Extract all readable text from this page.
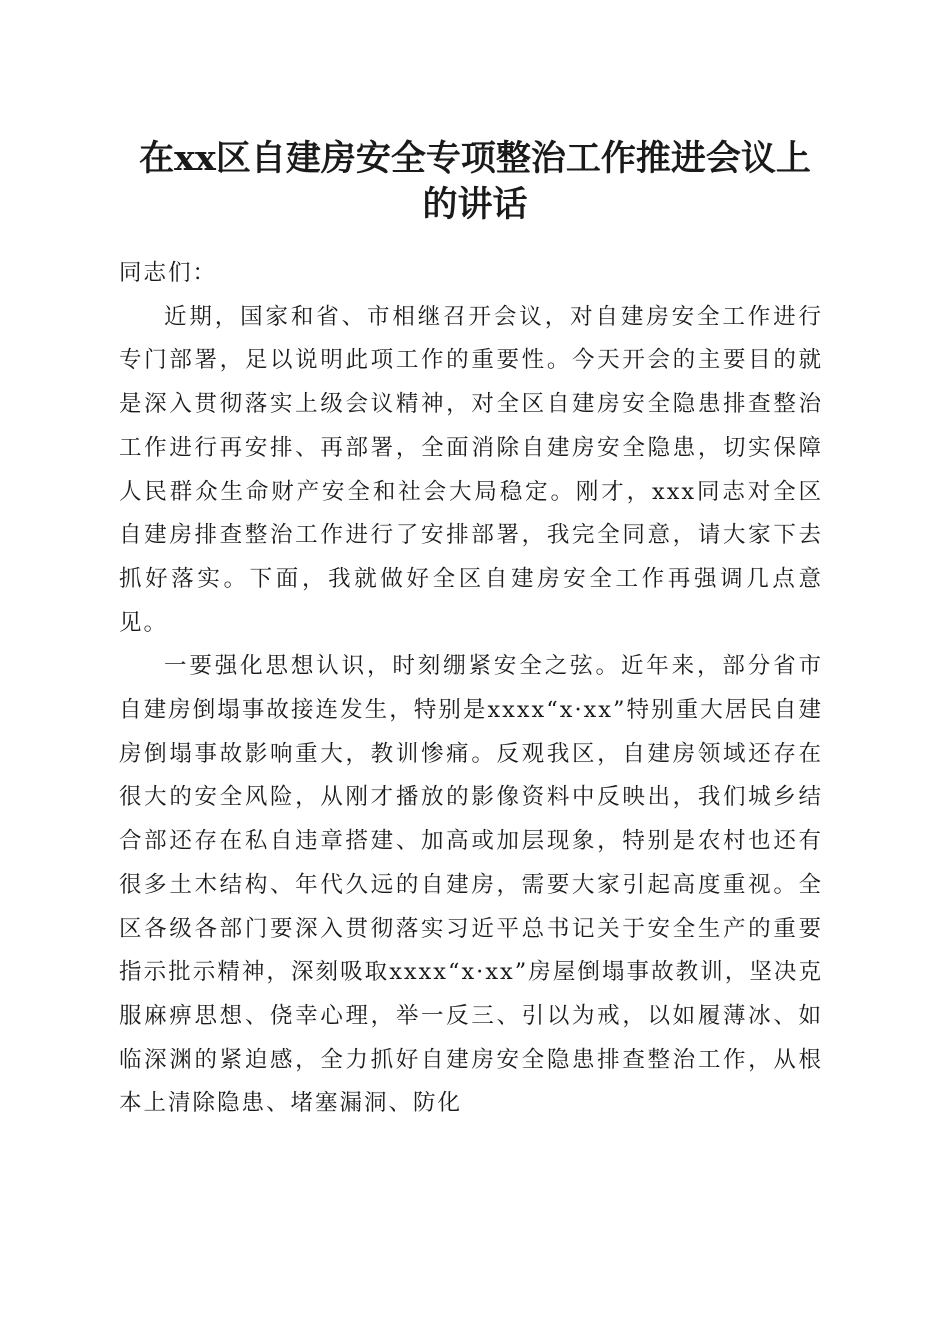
在xx区自建房安全专项整治工作推进会议上
的讲话

同志们：

近期，国家和省、市相继召开会议，对自建房安全工作进行专门部署，足以说明此项工作的重要性。今天开会的主要目的就是深入贯彻落实上级会议精神，对全区自建房安全隐患排查整治工作进行再安排、再部署，全面消除自建房安全隐患，切实保障人民群众生命财产安全和社会大局稳定。刚才，xxx同志对全区自建房排查整治工作进行了安排部署，我完全同意，请大家下去抓好落实。下面，我就做好全区自建房安全工作再强调几点意见。

一要强化思想认识，时刻绷紧安全之弦。近年来，部分省市自建房倒塌事故接连发生，特别是xxxx“x·xx”特别重大居民自建房倒塌事故影响重大，教训惨痛。反观我区，自建房领域还存在很大的安全风险，从刚才播放的影像资料中反映出，我们城乡结合部还存在私自违章搭建、加高或加层现象，特别是农村也还有很多土木结构、年代久远的自建房，需要大家引起高度重视。全区各级各部门要深入贯彻落实习近平总书记关于安全生产的重要指示批示精神，深刻吸取xxxx“x·xx”房屋倒塌事故教训，坚决克服麻痹思想、侥幸心理，举一反三、引以为戒，以如履薄冰、如临深渊的紧迫感，全力抓好自建房安全隐患排查整治工作，从根本上清除隐患、堵塞漏洞、防化
